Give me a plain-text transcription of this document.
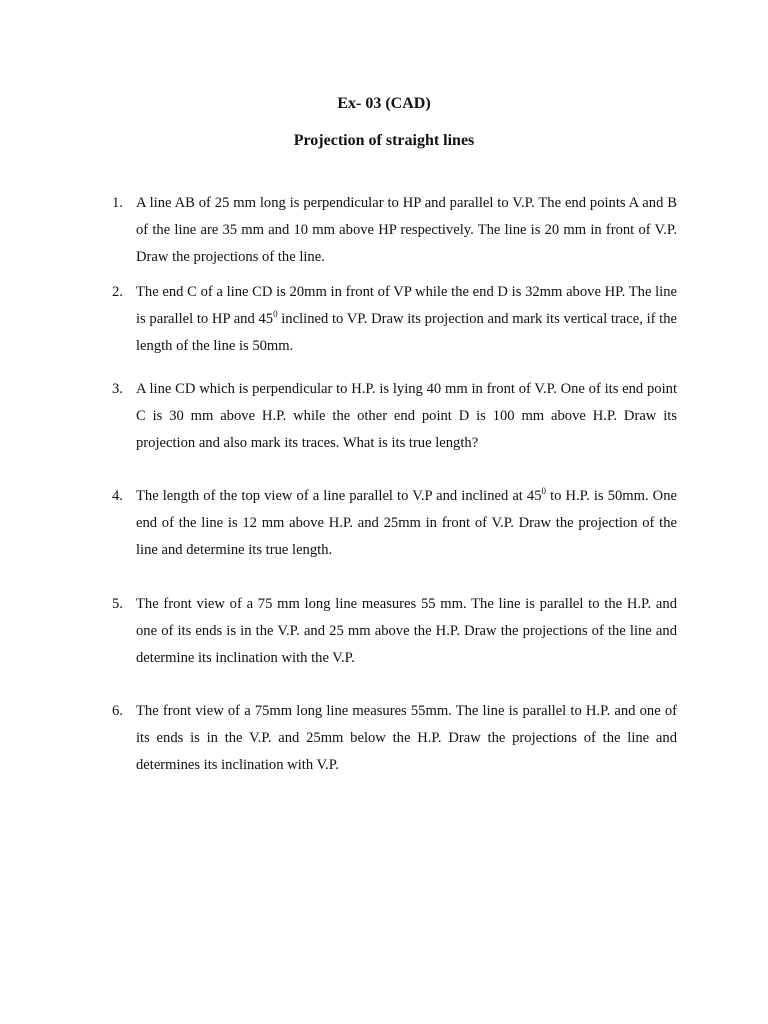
Ex- 03 (CAD)
Projection of straight lines
1. A line AB of 25 mm long is perpendicular to HP and parallel to V.P. The end points A and B of the line are 35 mm and 10 mm above HP respectively. The line is 20 mm in front of V.P. Draw the projections of the line.
2. The end C of a line CD is 20mm in front of VP while the end D is 32mm above HP. The line is parallel to HP and $45^0$ inclined to VP. Draw its projection and mark its vertical trace, if the length of the line is 50mm.
3. A line CD which is perpendicular to H.P. is lying 40 mm in front of V.P. One of its end point C is 30 mm above H.P. while the other end point D is 100 mm above H.P. Draw its projection and also mark its traces. What is its true length?
4. The length of the top view of a line parallel to V.P and inclined at $45^0$ to H.P. is 50mm. One end of the line is 12 mm above H.P. and 25mm in front of V.P. Draw the projection of the line and determine its true length.
5. The front view of a 75 mm long line measures 55 mm. The line is parallel to the H.P. and one of its ends is in the V.P. and 25 mm above the H.P. Draw the projections of the line and determine its inclination with the V.P.
6. The front view of a 75mm long line measures 55mm. The line is parallel to H.P. and one of its ends is in the V.P. and 25mm below the H.P. Draw the projections of the line and determines its inclination with V.P.
